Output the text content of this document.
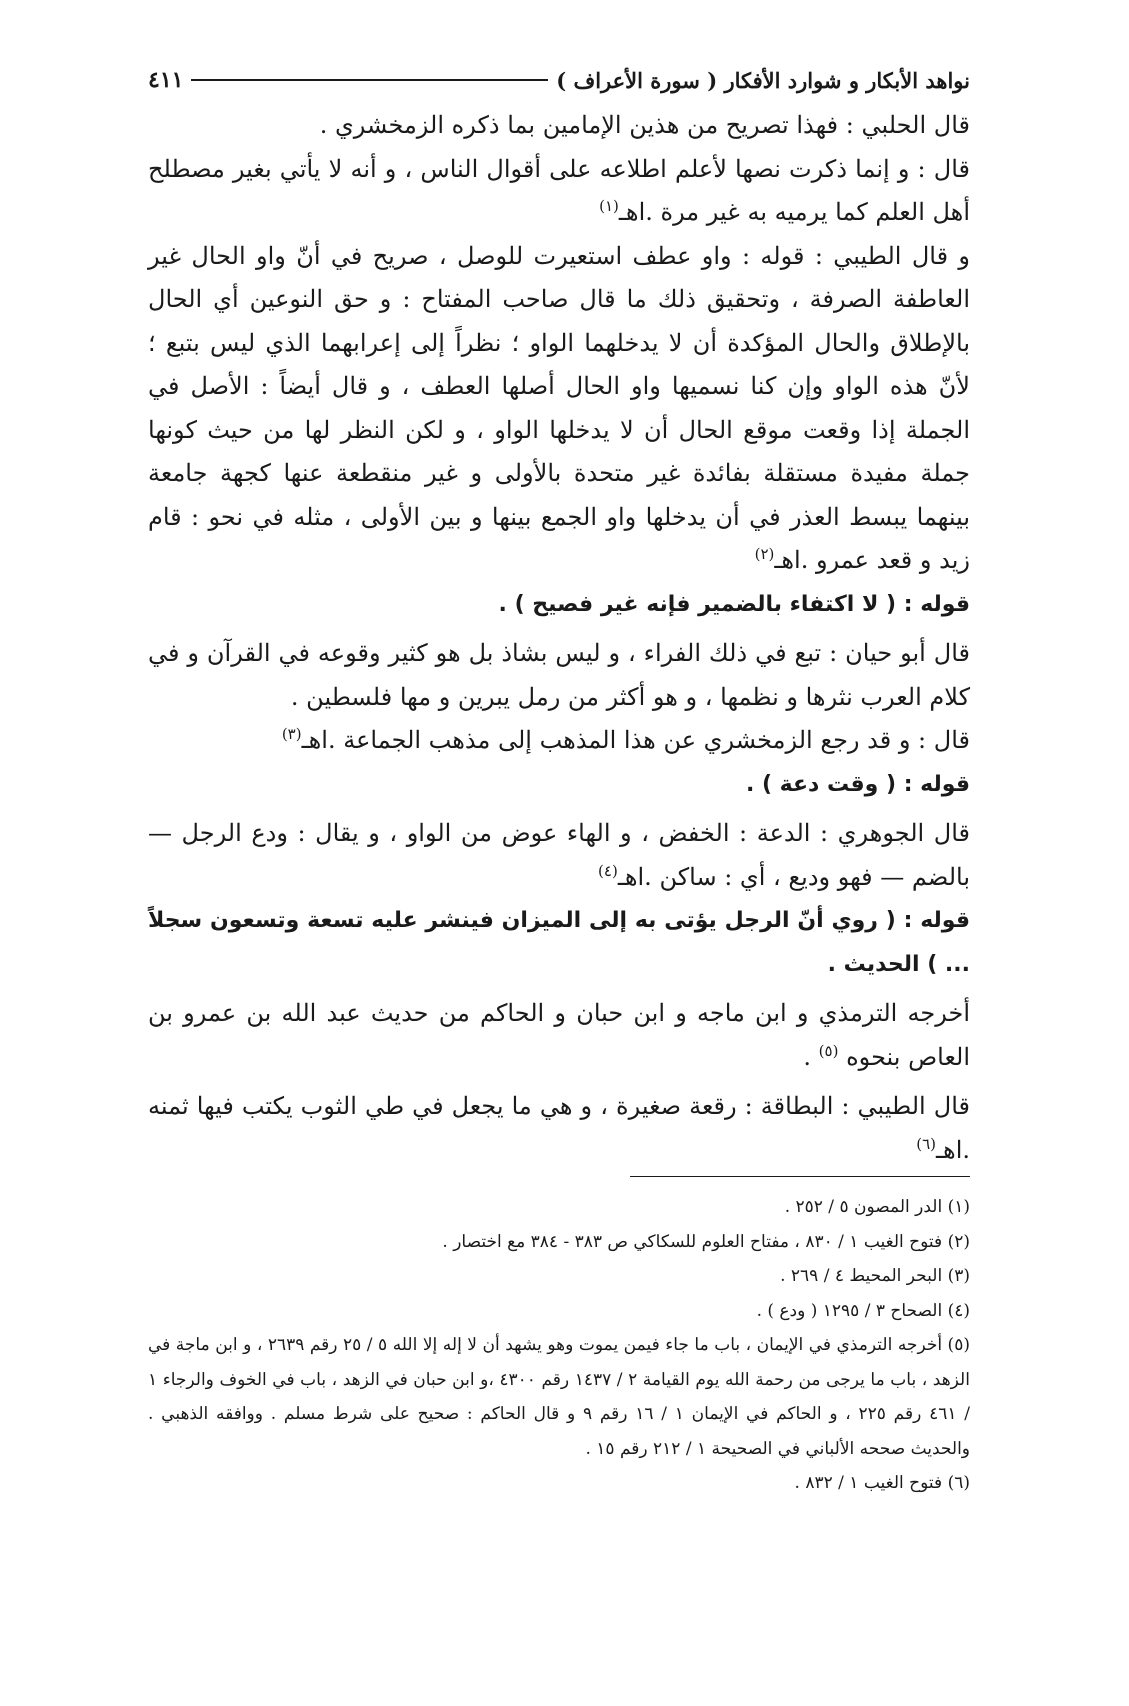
نواهد الأبكار و شوارد الأفكار ( سورة الأعراف )
٤١١

قال الحلبي : فهذا تصريح من هذين الإمامين بما ذكره الزمخشري .

قال : و إنما ذكرت نصها لأعلم اطلاعه على أقوال الناس ، و أنه لا يأتي بغير مصطلح أهل العلم كما يرميه به غير مرة .اهـ$^{(١)}$

و قال الطيبي : قوله : واو عطف استعيرت للوصل ، صريح في أنّ واو الحال غير العاطفة الصرفة ، وتحقيق ذلك ما قال صاحب المفتاح : و حق النوعين أي الحال بالإطلاق والحال المؤكدة أن لا يدخلهما الواو ؛ نظراً إلى إعرابهما الذي ليس بتبع ؛ لأنّ هذه الواو وإن كنا نسميها واو الحال أصلها العطف ، و قال أيضاً : الأصل في الجملة إذا وقعت موقع الحال أن لا يدخلها الواو ، و لكن النظر لها من حيث كونها جملة مفيدة مستقلة بفائدة غير متحدة بالأولى و غير منقطعة عنها كجهة جامعة بينهما يبسط العذر في أن يدخلها واو الجمع بينها و بين الأولى ، مثله في نحو : قام زيد و قعد عمرو .اهـ$^{(٢)}$

قوله : ( لا اكتفاء بالضمير فإنه غير فصيح ) .

قال أبو حيان : تبع في ذلك الفراء ، و ليس بشاذ بل هو كثير وقوعه في القرآن و في كلام العرب نثرها و نظمها ، و هو أكثر من رمل يبرين و مها فلسطين .

قال : و قد رجع الزمخشري عن هذا المذهب إلى مذهب الجماعة .اهـ$^{(٣)}$

قوله : ( وقت دعة ) .

قال الجوهري : الدعة : الخفض ، و الهاء عوض من الواو ، و يقال : ودع الرجل — بالضم — فهو وديع ، أي : ساكن .اهـ$^{(٤)}$

قوله : ( روي أنّ الرجل يؤتى به إلى الميزان فينشر عليه تسعة وتسعون سجلاً ... ) الحديث .

أخرجه الترمذي و ابن ماجه و ابن حبان و الحاكم من حديث عبد الله بن عمرو بن العاص بنحوه $^{(٥)}$ .

قال الطيبي : البطاقة : رقعة صغيرة ، و هي ما يجعل في طي الثوب يكتب فيها ثمنه .اهـ$^{(٦)}$

(١) الدر المصون ٥ / ٢٥٢ .

(٢) فتوح الغيب ١ / ٨٣٠ ، مفتاح العلوم للسكاكي ص ٣٨٣ - ٣٨٤ مع اختصار .

(٣) البحر المحيط ٤ / ٢٦٩ .

(٤) الصحاح ٣ / ١٢٩٥ ( ودع ) .

(٥) أخرجه الترمذي في الإيمان ، باب ما جاء فيمن يموت وهو يشهد أن لا إله إلا الله ٥ / ٢٥ رقم ٢٦٣٩ ، و ابن ماجة في الزهد ، باب ما يرجى من رحمة الله يوم القيامة ٢ / ١٤٣٧ رقم ٤٣٠٠ ،و ابن حبان في الزهد ، باب في الخوف والرجاء ١ / ٤٦١ رقم ٢٢٥ ، و الحاكم في الإيمان ١ / ١٦ رقم ٩ و قال الحاكم : صحيح على شرط مسلم . ووافقه الذهبي . والحديث صححه الألباني في الصحيحة ١ / ٢١٢ رقم ١٥ .

(٦) فتوح الغيب ١ / ٨٣٢ .
